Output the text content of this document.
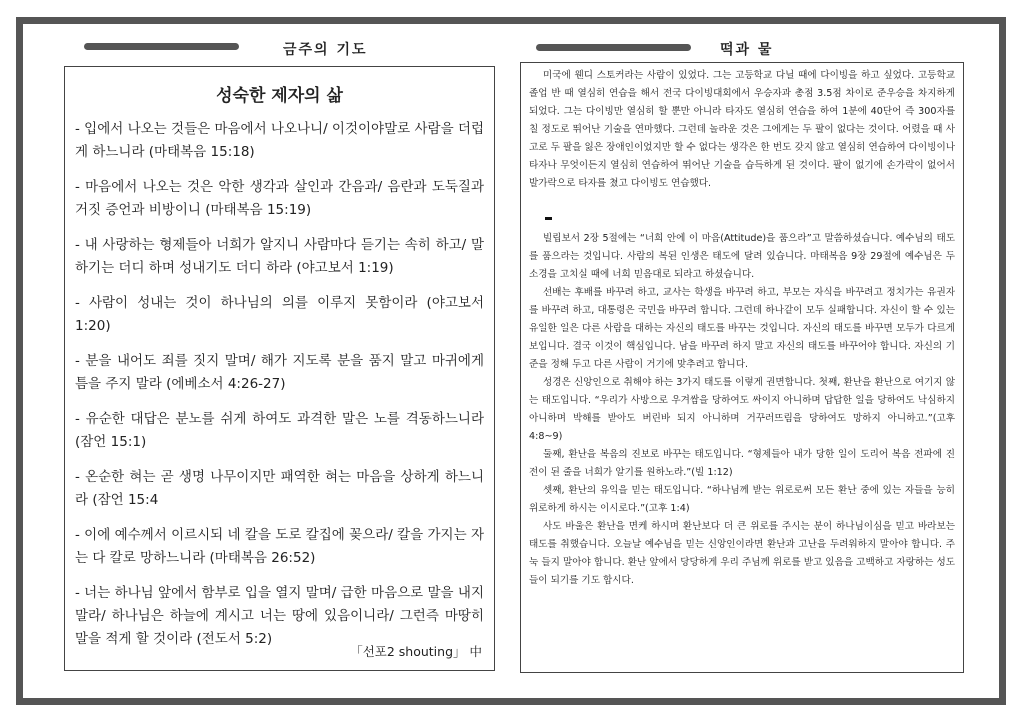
금주의 기도	떡과 물
성숙한 제자의 삶

- 입에서 나오는 것들은 마음에서 나오나니/ 이것이야말로 사람을 더럽게 하느니라 (마태복음 15:18)

- 마음에서 나오는 것은 악한 생각과 살인과 간음과/ 음란과 도둑질과 거짓 증언과 비방이니 (마태복음 15:19)

- 내 사랑하는 형제들아 너희가 알지니 사람마다 듣기는 속히 하고/ 말하기는 더디 하며 성내기도 더디 하라 (야고보서 1:19)

- 사람이 성내는 것이 하나님의 의를 이루지 못함이라 (야고보서 1:20)

- 분을 내어도 죄를 짓지 말며/ 해가 지도록 분을 품지 말고 마귀에게 틈을 주지 말라 (에베소서 4:26-27)

- 유순한 대답은 분노를 쉬게 하여도 과격한 말은 노를 격동하느니라 (잠언 15:1)

- 온순한 혀는 곧 생명 나무이지만 패역한 혀는 마음을 상하게 하느니라 (잠언 15:4

- 이에 예수께서 이르시되 네 칼을 도로 칼집에 꽂으라/ 칼을 가지는 자는 다 칼로 망하느니라 (마태복음 26:52)

- 너는 하나님 앞에서 함부로 입을 열지 말며/ 급한 마음으로 말을 내지 말라/ 하나님은 하늘에 계시고 너는 땅에 있음이니라/ 그런즉 마땅히 말을 적게 할 것이라 (전도서 5:2)

「선포2 shouting」 中

미국에 웬디 스토커라는 사람이 있었다. 그는 고등학교 다닐 때에 다이빙을 하고 싶었다. 고등학교 졸업 반 때 열심히 연습을 해서 전국 다이빙대회에서 우승자과 총점 3.5점 차이로 준우승을 차지하게 되었다. 그는 다이빙만 열심히 할 뿐만 아니라 타자도 열심히 연습을 하여 1분에 40단어 즉 300자를 칠 정도로 뛰어난 기술을 연마했다. 그런데 놀라운 것은 그에게는 두 팔이 없다는 것이다. 어렸을 때 사고로 두 팔을 잃은 장애인이었지만 할 수 없다는 생각은 한 번도 갖지 않고 열심히 연습하여 다이빙이나 타자나 무엇이든지 열심히 연습하여 뛰어난 기술을 습득하게 된 것이다. 팔이 없기에 손가락이 없어서 발가락으로 타자를 쳤고 다이빙도 연습했다.

빌립보서 2장 5절에는 “너희 안에 이 마음(Attitude)을 품으라”고 말씀하셨습니다. 예수님의 태도를 품으라는 것입니다. 사람의 복된 인생은 태도에 달려 있습니다. 마태복음 9장 29절에 예수님은 두 소경을 고치실 때에 너희 믿음대로 되라고 하셨습니다.

선배는 후배를 바꾸려 하고, 교사는 학생을 바꾸려 하고, 부모는 자식을 바꾸려고 정치가는 유권자를 바꾸려 하고, 대통령은 국민을 바꾸려 합니다. 그런데 하나같이 모두 실패합니다. 자신이 할 수 있는 유일한 일은 다른 사람을 대하는 자신의 태도를 바꾸는 것입니다. 자신의 태도를 바꾸면 모두가 다르게 보입니다. 결국 이것이 핵심입니다. 남을 바꾸려 하지 말고 자신의 태도를 바꾸어야 합니다. 자신의 기준을 정해 두고 다른 사람이 거기에 맞추려고 합니다.

성경은 신앙인으로 취해야 하는 3가지 태도를 이렇게 권면합니다. 첫째, 환난을 환난으로 여기지 않는 태도입니다. “우리가 사방으로 우겨쌈을 당하여도 싸이지 아니하며 답답한 일을 당하여도 낙심하지 아니하며 박해를 받아도 버린바 되지 아니하며 거꾸러뜨림을 당하여도 망하지 아니하고.”(고후 4:8~9)

둘째, 환난을 복음의 진보로 바꾸는 태도입니다. “형제들아 내가 당한 일이 도리어 복음 전파에 진전이 된 줄을 너희가 알기를 원하노라.”(빌 1:12)

셋째, 환난의 유익을 믿는 태도입니다. “하나님께 받는 위로로써 모든 환난 중에 있는 자들을 능히 위로하게 하시는 이시로다.”(고후 1:4)

사도 바울은 환난을 면케 하시며 환난보다 더 큰 위로를 주시는 분이 하나님이심을 믿고 바라보는 태도를 취했습니다. 오늘날 예수님을 믿는 신앙인이라면 환난과 고난을 두려워하지 말아야 합니다. 주눅 들지 말아야 합니다. 환난 앞에서 당당하게 우리 주님께 위로를 받고 있음을 고백하고 자랑하는 성도들이 되기를 기도 합시다.
